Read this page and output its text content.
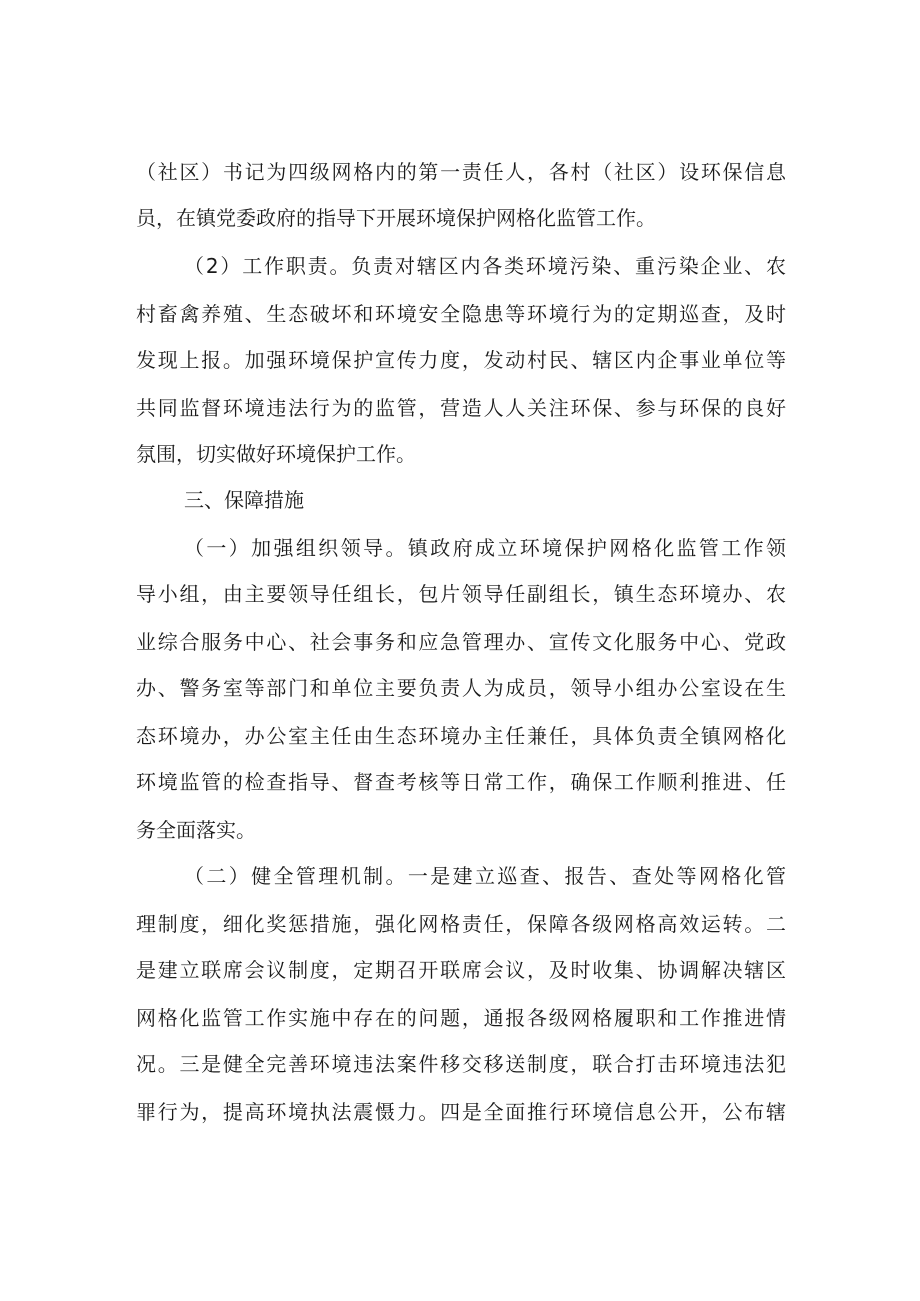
（社区）书记为四级网格内的第一责任人，各村（社区）设环保信息

员，在镇党委政府的指导下开展环境保护网格化监管工作。

（2）工作职责。负责对辖区内各类环境污染、重污染企业、农

村畜禽养殖、生态破坏和环境安全隐患等环境行为的定期巡查，及时

发现上报。加强环境保护宣传力度，发动村民、辖区内企事业单位等

共同监督环境违法行为的监管，营造人人关注环保、参与环保的良好

氛围，切实做好环境保护工作。

三、保障措施

（一）加强组织领导。镇政府成立环境保护网格化监管工作领

导小组，由主要领导任组长，包片领导任副组长，镇生态环境办、农

业综合服务中心、社会事务和应急管理办、宣传文化服务中心、党政

办、警务室等部门和单位主要负责人为成员，领导小组办公室设在生

态环境办，办公室主任由生态环境办主任兼任，具体负责全镇网格化

环境监管的检查指导、督查考核等日常工作，确保工作顺利推进、任

务全面落实。

（二）健全管理机制。一是建立巡查、报告、查处等网格化管

理制度，细化奖惩措施，强化网格责任，保障各级网格高效运转。二

是建立联席会议制度，定期召开联席会议，及时收集、协调解决辖区

网格化监管工作实施中存在的问题，通报各级网格履职和工作推进情

况。三是健全完善环境违法案件移交移送制度，联合打击环境违法犯

罪行为，提高环境执法震慑力。四是全面推行环境信息公开，公布辖
